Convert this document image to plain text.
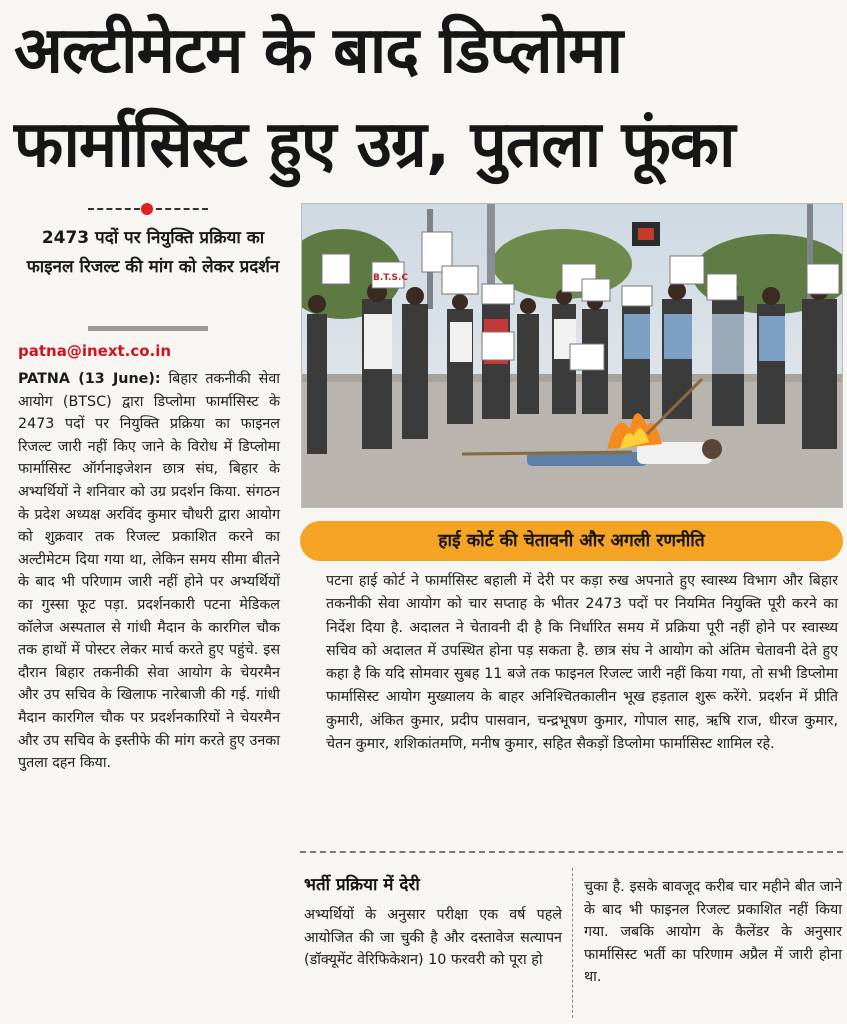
अल्टीमेटम के बाद डिप्लोमा
फार्मासिस्ट हुए उग्र, पुतला फूंका
2473 पदों पर नियुक्ति प्रक्रिया का फाइनल रिजल्ट की मांग को लेकर प्रदर्शन
patna@inext.co.in
PATNA (13 June): बिहार तकनीकी सेवा आयोग (BTSC) द्वारा डिप्लोमा फार्मासिस्ट के 2473 पदों पर नियुक्ति प्रक्रिया का फाइनल रिजल्ट जारी नहीं किए जाने के विरोध में डिप्लोमा फार्मासिस्ट ऑर्गनाइजेशन छात्र संघ, बिहार के अभ्यर्थियों ने शनिवार को उग्र प्रदर्शन किया. संगठन के प्रदेश अध्यक्ष अरविंद कुमार चौधरी द्वारा आयोग को शुक्रवार तक रिजल्ट प्रकाशित करने का अल्टीमेटम दिया गया था, लेकिन समय सीमा बीतने के बाद भी परिणाम जारी नहीं होने पर अभ्यर्थियों का गुस्सा फूट पड़ा. प्रदर्शनकारी पटना मेडिकल कॉलेज अस्पताल से गांधी मैदान के कारगिल चौक तक हाथों में पोस्टर लेकर मार्च करते हुए पहुंचे. इस दौरान बिहार तकनीकी सेवा आयोग के चेयरमैन और उप सचिव के खिलाफ नारेबाजी की गई. गांधी मैदान कारगिल चौक पर प्रदर्शनकारियों ने चेयरमैन और उप सचिव के इस्तीफे की मांग करते हुए उनका पुतला दहन किया.
B.T.S.C
हाई कोर्ट की चेतावनी और अगली रणनीति
पटना हाई कोर्ट ने फार्मासिस्ट बहाली में देरी पर कड़ा रुख अपनाते हुए स्वास्थ्य विभाग और बिहार तकनीकी सेवा आयोग को चार सप्ताह के भीतर 2473 पदों पर नियमित नियुक्ति पूरी करने का निर्देश दिया है. अदालत ने चेतावनी दी है कि निर्धारित समय में प्रक्रिया पूरी नहीं होने पर स्वास्थ्य सचिव को अदालत में उपस्थित होना पड़ सकता है. छात्र संघ ने आयोग को अंतिम चेतावनी देते हुए कहा है कि यदि सोमवार सुबह 11 बजे तक फाइनल रिजल्ट जारी नहीं किया गया, तो सभी डिप्लोमा फार्मासिस्ट आयोग मुख्यालय के बाहर अनिश्चितकालीन भूख हड़ताल शुरू करेंगे. प्रदर्शन में प्रीति कुमारी, अंकित कुमार, प्रदीप पासवान, चन्द्रभूषण कुमार, गोपाल साह, ऋषि राज, धीरज कुमार, चेतन कुमार, शशिकांतमणि, मनीष कुमार, सहित सैकड़ों डिप्लोमा फार्मासिस्ट शामिल रहे.
भर्ती प्रक्रिया में देरी
अभ्यर्थियों के अनुसार परीक्षा एक वर्ष पहले आयोजित की जा चुकी है और दस्तावेज सत्यापन (डॉक्यूमेंट वेरिफिकेशन) 10 फरवरी को पूरा हो
चुका है. इसके बावजूद करीब चार महीने बीत जाने के बाद भी फाइनल रिजल्ट प्रकाशित नहीं किया गया. जबकि आयोग के कैलेंडर के अनुसार फार्मासिस्ट भर्ती का परिणाम अप्रैल में जारी होना था.
